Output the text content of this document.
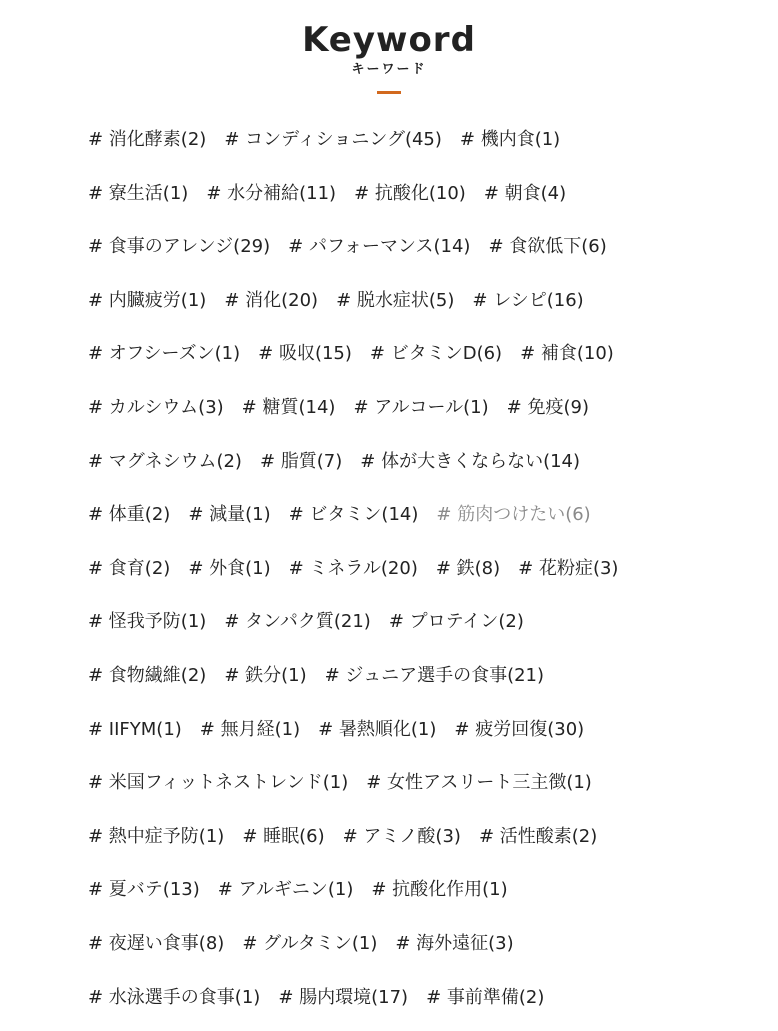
Keyword
キーワード
# 消化酵素(2) # コンディショニング(45) # 機内食(1)
# 寮生活(1) # 水分補給(11) # 抗酸化(10) # 朝食(4)
# 食事のアレンジ(29) # パフォーマンス(14) # 食欲低下(6)
# 内臓疲労(1) # 消化(20) # 脱水症状(5) # レシピ(16)
# オフシーズン(1) # 吸収(15) # ビタミンD(6) # 補食(10)
# カルシウム(3) # 糖質(14) # アルコール(1) # 免疫(9)
# マグネシウム(2) # 脂質(7) # 体が大きくならない(14)
# 体重(2) # 減量(1) # ビタミン(14) # 筋肉つけたい(6)
# 食育(2) # 外食(1) # ミネラル(20) # 鉄(8) # 花粉症(3)
# 怪我予防(1) # タンパク質(21) # プロテイン(2)
# 食物繊維(2) # 鉄分(1) # ジュニア選手の食事(21)
# IIFYM(1) # 無月経(1) # 暑熱順化(1) # 疲労回復(30)
# 米国フィットネストレンド(1) # 女性アスリート三主徴(1)
# 熱中症予防(1) # 睡眠(6) # アミノ酸(3) # 活性酸素(2)
# 夏バテ(13) # アルギニン(1) # 抗酸化作用(1)
# 夜遅い食事(8) # グルタミン(1) # 海外遠征(3)
# 水泳選手の食事(1) # 腸内環境(17) # 事前準備(2)
